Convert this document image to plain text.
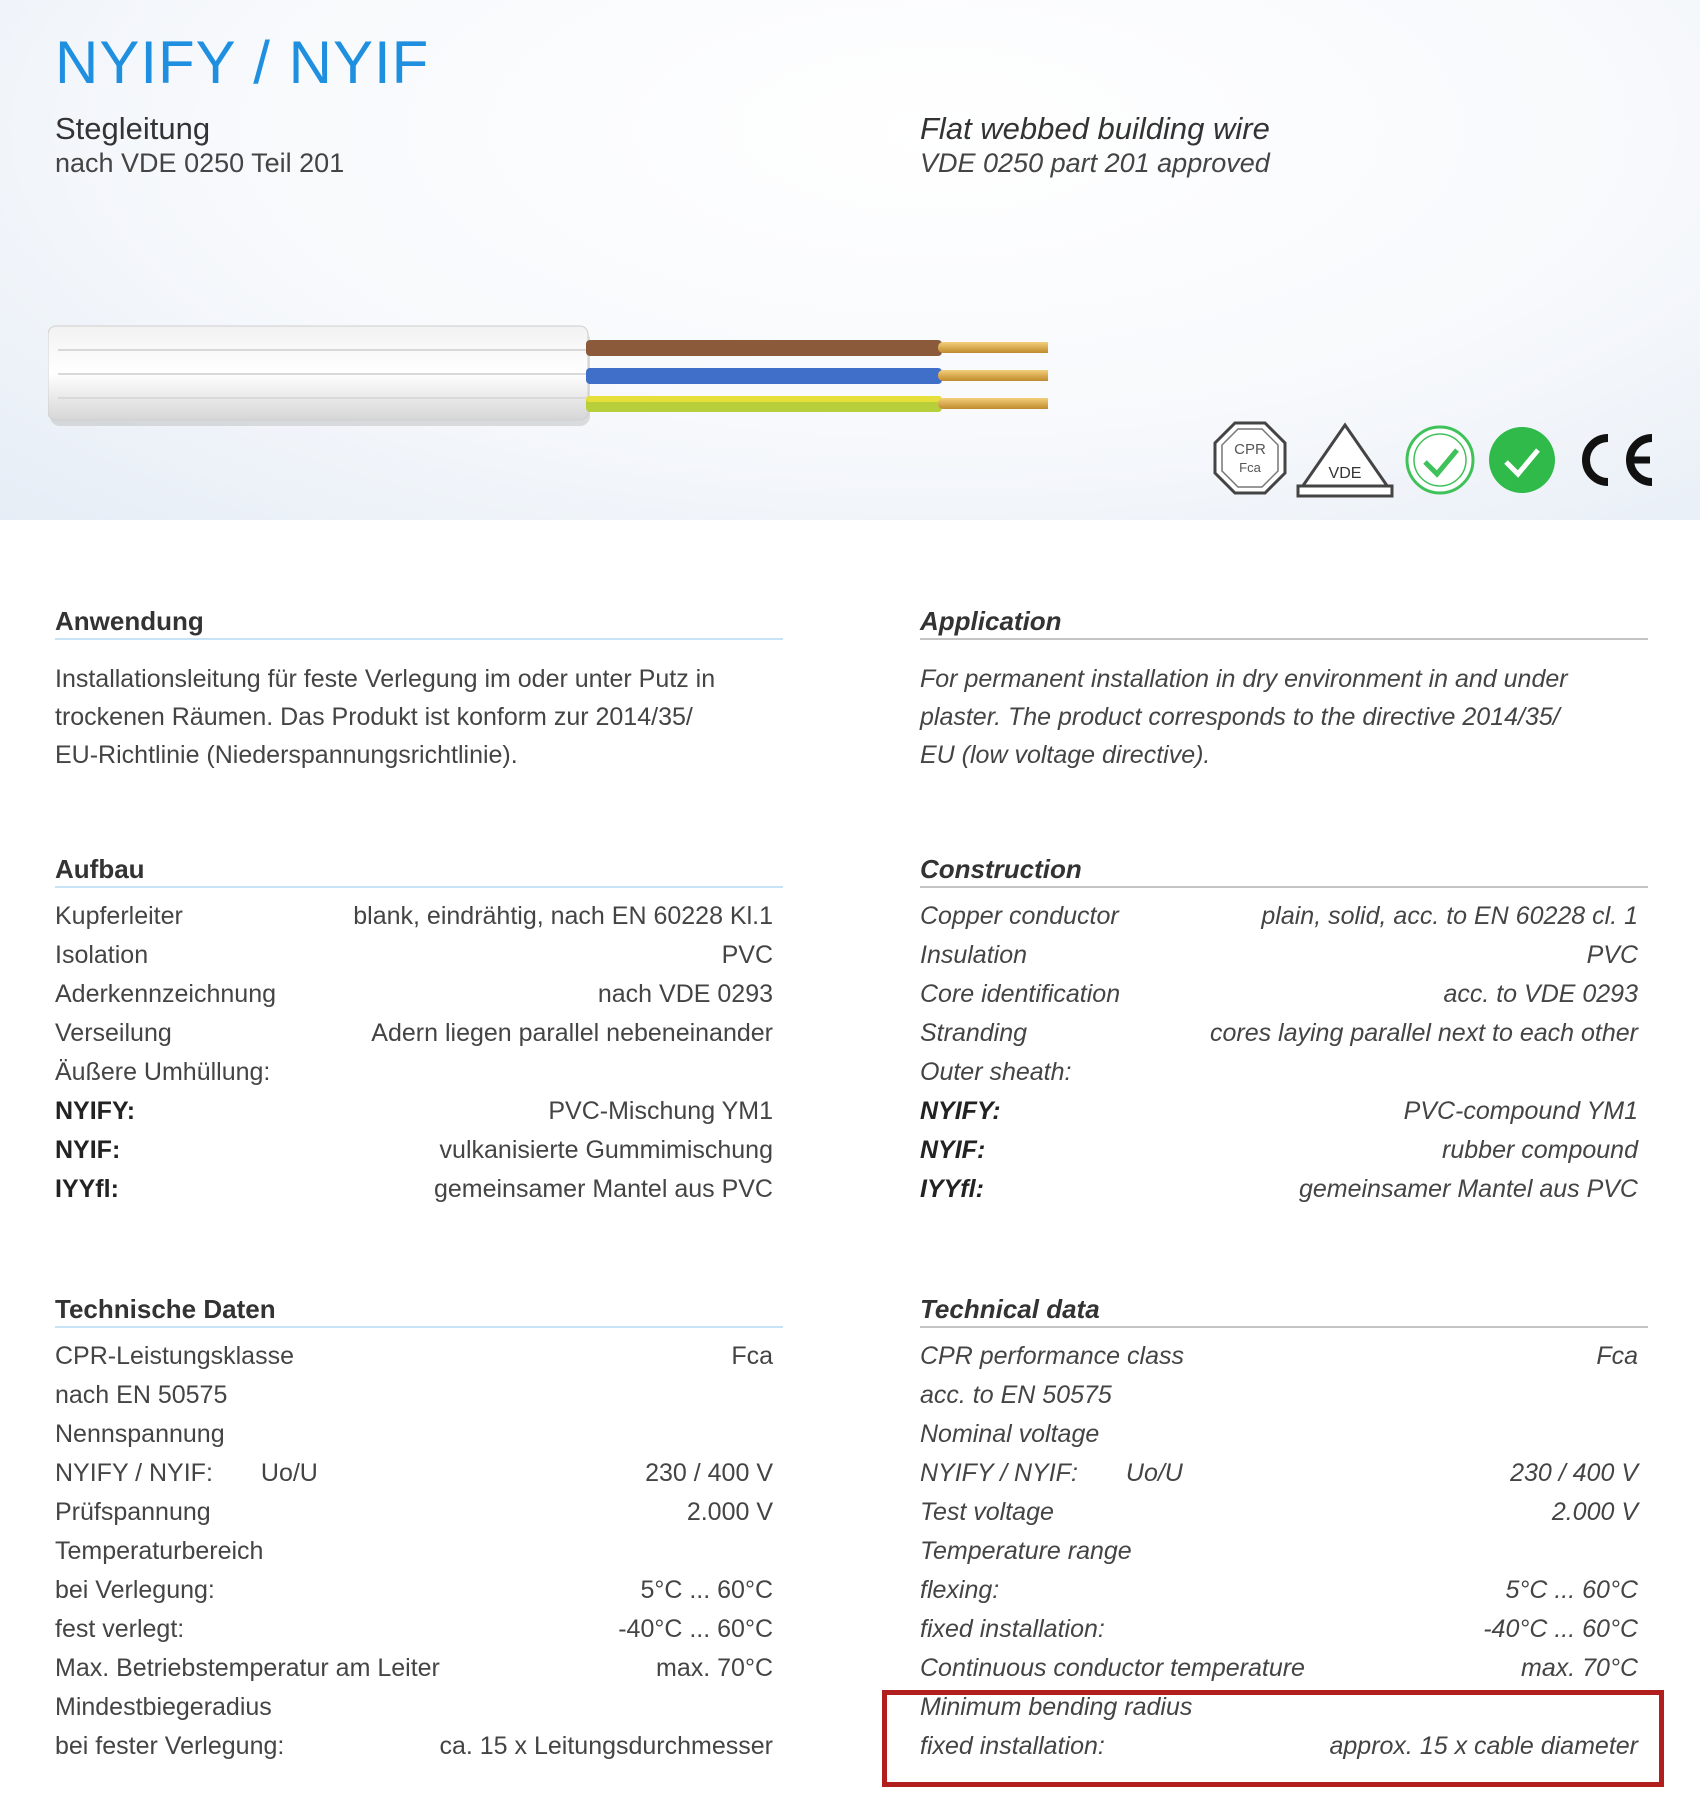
NYIFY / NYIF
Stegleitung
nach VDE 0250 Teil 201
Flat webbed building wire
VDE 0250 part 201 approved
CPR
Fca	VDE
Anwendung
Installationsleitung für feste Verlegung im oder unter Putz in
trockenen Räumen. Das Produkt ist konform zur 2014/35/
EU-Richtlinie (Niederspannungsrichtlinie).
Application
For permanent installation in dry environment in and under
plaster. The product corresponds to the directive 2014/35/
EU (low voltage directive).
Aufbau
Kupferleiter	blank, eindrähtig, nach EN 60228 Kl.1
Isolation	PVC
Aderkennzeichnung	nach VDE 0293
Verseilung	Adern liegen parallel nebeneinander
Äußere Umhüllung:
NYIFY:	PVC-Mischung YM1
NYIF:	vulkanisierte Gummimischung
IYYfl:	gemeinsamer Mantel aus PVC
Construction
Copper conductor	plain, solid, acc. to EN 60228 cl. 1
Insulation	PVC
Core identification	acc. to VDE 0293
Stranding	cores laying parallel next to each other
Outer sheath:
NYIFY:	PVC-compound YM1
NYIF:	rubber compound
IYYfl:	gemeinsamer Mantel aus PVC
Technische Daten
CPR-Leistungsklasse	Fca
nach EN 50575
Nennspannung
NYIFY / NYIF: Uo/U	230 / 400 V
Prüfspannung	2.000 V
Temperaturbereich
bei Verlegung:	5°C ... 60°C
fest verlegt:	-40°C ... 60°C
Max. Betriebstemperatur am Leiter	max. 70°C
Mindestbiegeradius
bei fester Verlegung:	ca. 15 x Leitungsdurchmesser
Technical data
CPR performance class	Fca
acc. to EN 50575
Nominal voltage
NYIFY / NYIF: Uo/U	230 / 400 V
Test voltage	2.000 V
Temperature range
flexing:	5°C ... 60°C
fixed installation:	-40°C ... 60°C
Continuous conductor temperature	max. 70°C
Minimum bending radius
fixed installation:	approx. 15 x cable diameter
